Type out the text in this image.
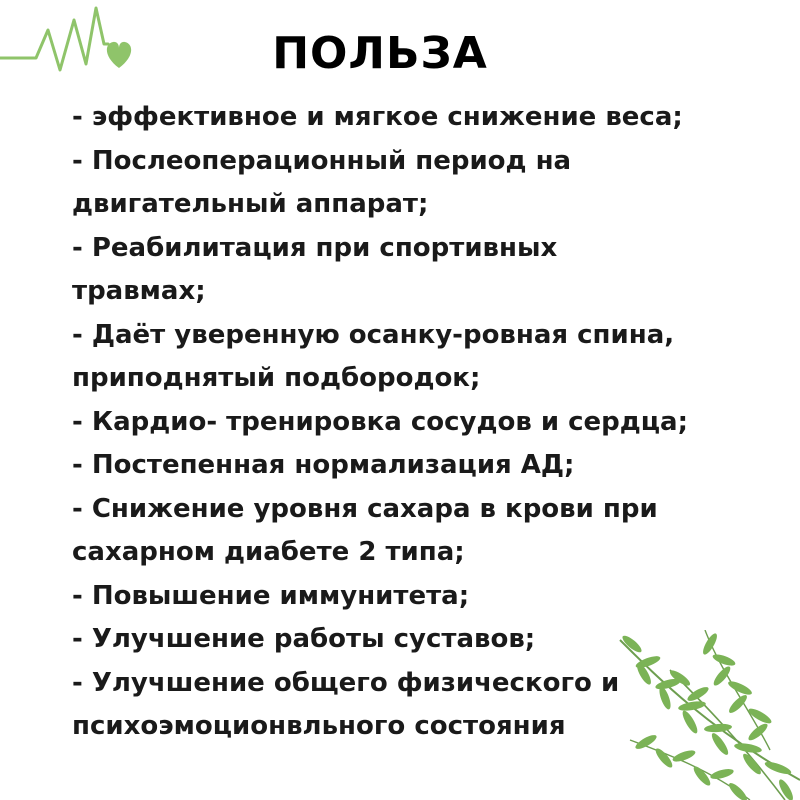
ПОЛЬЗА
- эффективное и мягкое снижение веса;
- Послеоперационный период на
двигательный аппарат;
- Реабилитация при спортивных
травмах;
- Даёт уверенную осанку-ровная спина,
приподнятый подбородок;
- Кардио- тренировка сосудов и сердца;
- Постепенная нормализация АД;
- Снижение уровня сахара в крови при
сахарном диабете 2 типа;
- Повышение иммунитета;
- Улучшение работы суставов;
- Улучшение общего физического и
психоэмоционвльного состояния
